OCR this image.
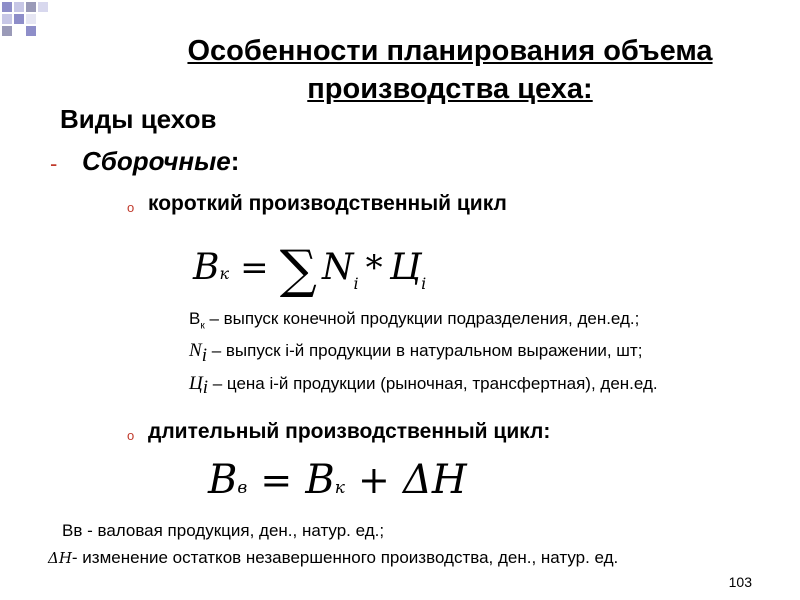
Особенности планирования объема
производства цеха:
Виды цехов
- Сборочные:
o короткий производственный цикл
Bк = ∑ Ni * Цi
$B_к$ – выпуск конечной продукции подразделения, ден.ед.;
$N_i$ – выпуск i-й продукции в натуральном выражении, шт;
$Ц_i$ – цена i-й продукции (рыночная, трансфертная), ден.ед.
o длительный производственный цикл:
Bв = Bк + ΔH
Вв - валовая продукция, ден., натур. ед.;
ΔH- изменение остатков незавершенного производства, ден., натур. ед.
103
